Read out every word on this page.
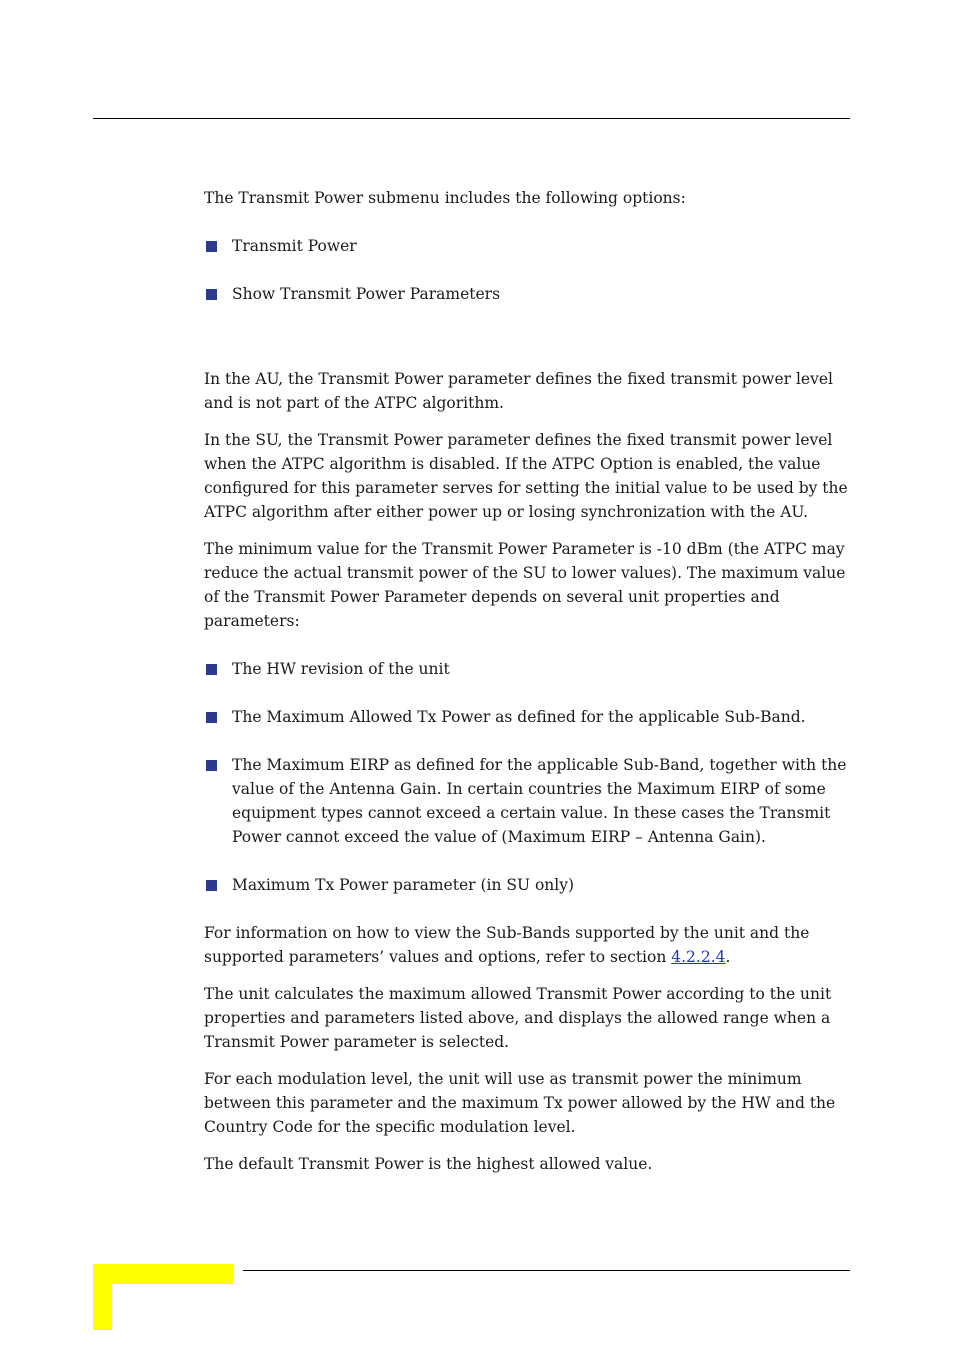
The Transmit Power submenu includes the following options:

Transmit Power
Show Transmit Power Parameters

In the AU, the Transmit Power parameter defines the fixed transmit power level and is not part of the ATPC algorithm.

In the SU, the Transmit Power parameter defines the fixed transmit power level when the ATPC algorithm is disabled. If the ATPC Option is enabled, the value configured for this parameter serves for setting the initial value to be used by the ATPC algorithm after either power up or losing synchronization with the AU.

The minimum value for the Transmit Power Parameter is -10 dBm (the ATPC may reduce the actual transmit power of the SU to lower values). The maximum value of the Transmit Power Parameter depends on several unit properties and parameters:

The HW revision of the unit
The Maximum Allowed Tx Power as defined for the applicable Sub-Band.
The Maximum EIRP as defined for the applicable Sub-Band, together with the value of the Antenna Gain. In certain countries the Maximum EIRP of some equipment types cannot exceed a certain value. In these cases the Transmit Power cannot exceed the value of (Maximum EIRP – Antenna Gain).
Maximum Tx Power parameter (in SU only)

For information on how to view the Sub-Bands supported by the unit and the supported parameters’ values and options, refer to section 4.2.2.4.

The unit calculates the maximum allowed Transmit Power according to the unit properties and parameters listed above, and displays the allowed range when a Transmit Power parameter is selected.

For each modulation level, the unit will use as transmit power the minimum between this parameter and the maximum Tx power allowed by the HW and the Country Code for the specific modulation level.

The default Transmit Power is the highest allowed value.
